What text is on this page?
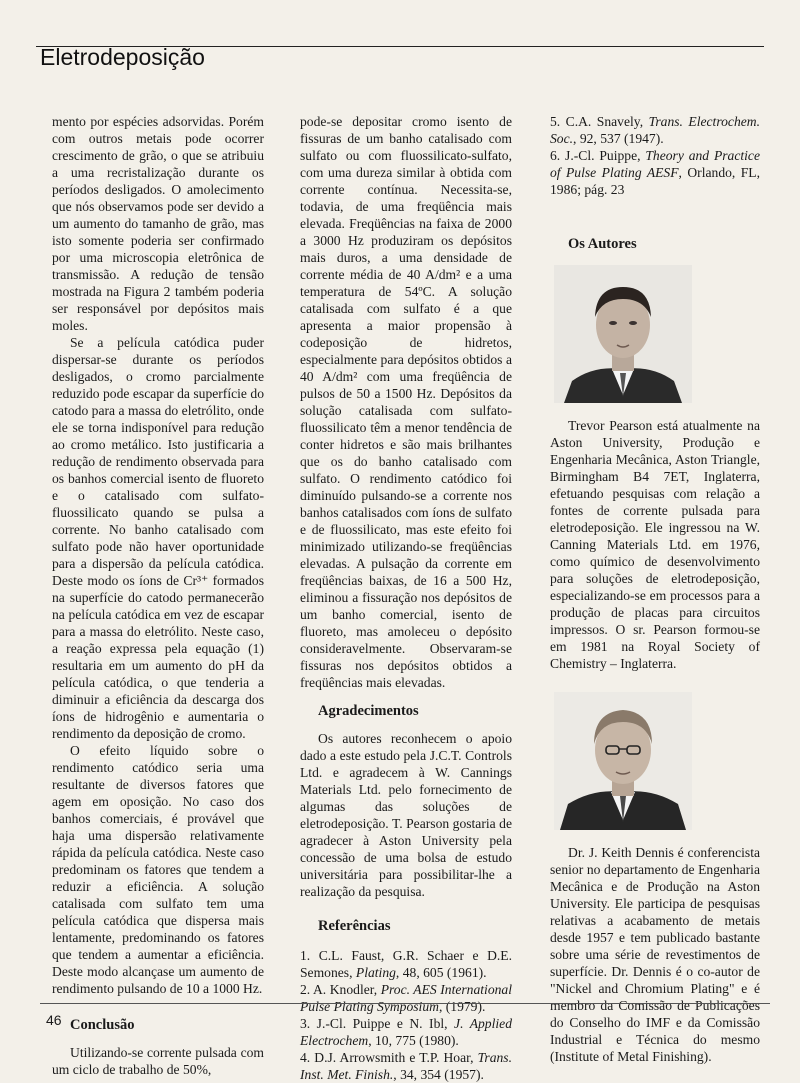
Eletrodeposição

mento por espécies adsorvidas. Porém com outros metais pode ocorrer crescimento de grão, o que se atribuiu a uma recristalização durante os períodos desligados. O amolecimento que nós observamos pode ser devido a um aumento do tamanho de grão, mas isto somente poderia ser confirmado por uma microscopia eletrônica de transmissão. A redução de tensão mostrada na Figura 2 também poderia ser responsável por depósitos mais moles.

Se a película catódica puder dispersar-se durante os períodos desligados, o cromo parcialmente reduzido pode escapar da superfície do catodo para a massa do eletrólito, onde ele se torna indisponível para redução ao cromo metálico. Isto justificaria a redução de rendimento observada para os banhos comercial isento de fluoreto e o catalisado com sulfato-fluossilicato quando se pulsa a corrente. No banho catalisado com sulfato pode não haver oportunidade para a dispersão da película catódica. Deste modo os íons de Cr³⁺ formados na superfície do catodo permanecerão na película catódica em vez de escapar para a massa do eletrólito. Neste caso, a reação expressa pela equação (1) resultaria em um aumento do pH da película catódica, o que tenderia a diminuir a eficiência da descarga dos íons de hidrogênio e aumentaria o rendimento da deposição de cromo.

O efeito líquido sobre o rendimento catódico seria uma resultante de diversos fatores que agem em oposição. No caso dos banhos comerciais, é provável que haja uma dispersão relativamente rápida da película catódica. Neste caso predominam os fatores que tendem a reduzir a eficiência. A solução catalisada com sulfato tem uma película catódica que dispersa mais lentamente, predominando os fatores que tendem a aumentar a eficiência. Deste modo alcançase um aumento de rendimento pulsando de 10 a 1000 Hz.

Conclusão

Utilizando-se corrente pulsada com um ciclo de trabalho de 50%,

pode-se depositar cromo isento de fissuras de um banho catalisado com sulfato ou com fluossilicato-sulfato, com uma dureza similar à obtida com corrente contínua. Necessita-se, todavia, de uma freqüência mais elevada. Freqüências na faixa de 2000 a 3000 Hz produziram os depósitos mais duros, a uma densidade de corrente média de 40 A/dm² e a uma temperatura de 54ºC. A solução catalisada com sulfato é a que apresenta a maior propensão à codeposição de hidretos, especialmente para depósitos obtidos a 40 A/dm² com uma freqüência de pulsos de 50 a 1500 Hz. Depósitos da solução catalisada com sulfato-fluossilicato têm a menor tendência de conter hidretos e são mais brilhantes que os do banho catalisado com sulfato. O rendimento catódico foi diminuído pulsando-se a corrente nos banhos catalisados com íons de sulfato e de fluossilicato, mas este efeito foi minimizado utilizando-se freqüências elevadas. A pulsação da corrente em freqüências baixas, de 16 a 500 Hz, eliminou a fissuração nos depósitos de um banho comercial, isento de fluoreto, mas amoleceu o depósito consideravelmente. Observaram-se fissuras nos depósitos obtidos a freqüências mais elevadas.

Agradecimentos

Os autores reconhecem o apoio dado a este estudo pela J.C.T. Controls Ltd. e agradecem à W. Cannings Materials Ltd. pelo fornecimento de algumas das soluções de eletrodeposição. T. Pearson gostaria de agradecer à Aston University pela concessão de uma bolsa de estudo universitária para possibilitar-lhe a realização da pesquisa.

Referências

1. C.L. Faust, G.R. Schaer e D.E. Semones, Plating, 48, 605 (1961).

2. A. Knodler, Proc. AES International Pulse Plating Symposium, (1979).

3. J.-Cl. Puippe e N. Ibl, J. Applied Electrochem, 10, 775 (1980).

4. D.J. Arrowsmith e T.P. Hoar, Trans. Inst. Met. Finish., 34, 354 (1957).

5. C.A. Snavely, Trans. Electrochem. Soc., 92, 537 (1947).

6. J.-Cl. Puippe, Theory and Practice of Pulse Plating AESF, Orlando, FL, 1986; pág. 23

Os Autores

Trevor Pearson está atualmente na Aston University, Produção e Engenharia Mecânica, Aston Triangle, Birmingham B4 7ET, Inglaterra, efetuando pesquisas com relação a fontes de corrente pulsada para eletrodeposição. Ele ingressou na W. Canning Materials Ltd. em 1976, como químico de desenvolvimento para soluções de eletrodeposição, especializando-se em processos para a produção de placas para circuitos impressos. O sr. Pearson formou-se em 1981 na Royal Society of Chemistry – Inglaterra.

Dr. J. Keith Dennis é conferencista senior no departamento de Engenharia Mecânica e de Produção na Aston University. Ele participa de pesquisas relativas a acabamento de metais desde 1957 e tem publicado bastante sobre uma série de revestimentos de superfície. Dr. Dennis é o co-autor de "Nickel and Chromium Plating" e é membro da Comissão de Publicações do Conselho do IMF e da Comissão Industrial e Técnica do mesmo (Institute of Metal Finishing).

46
